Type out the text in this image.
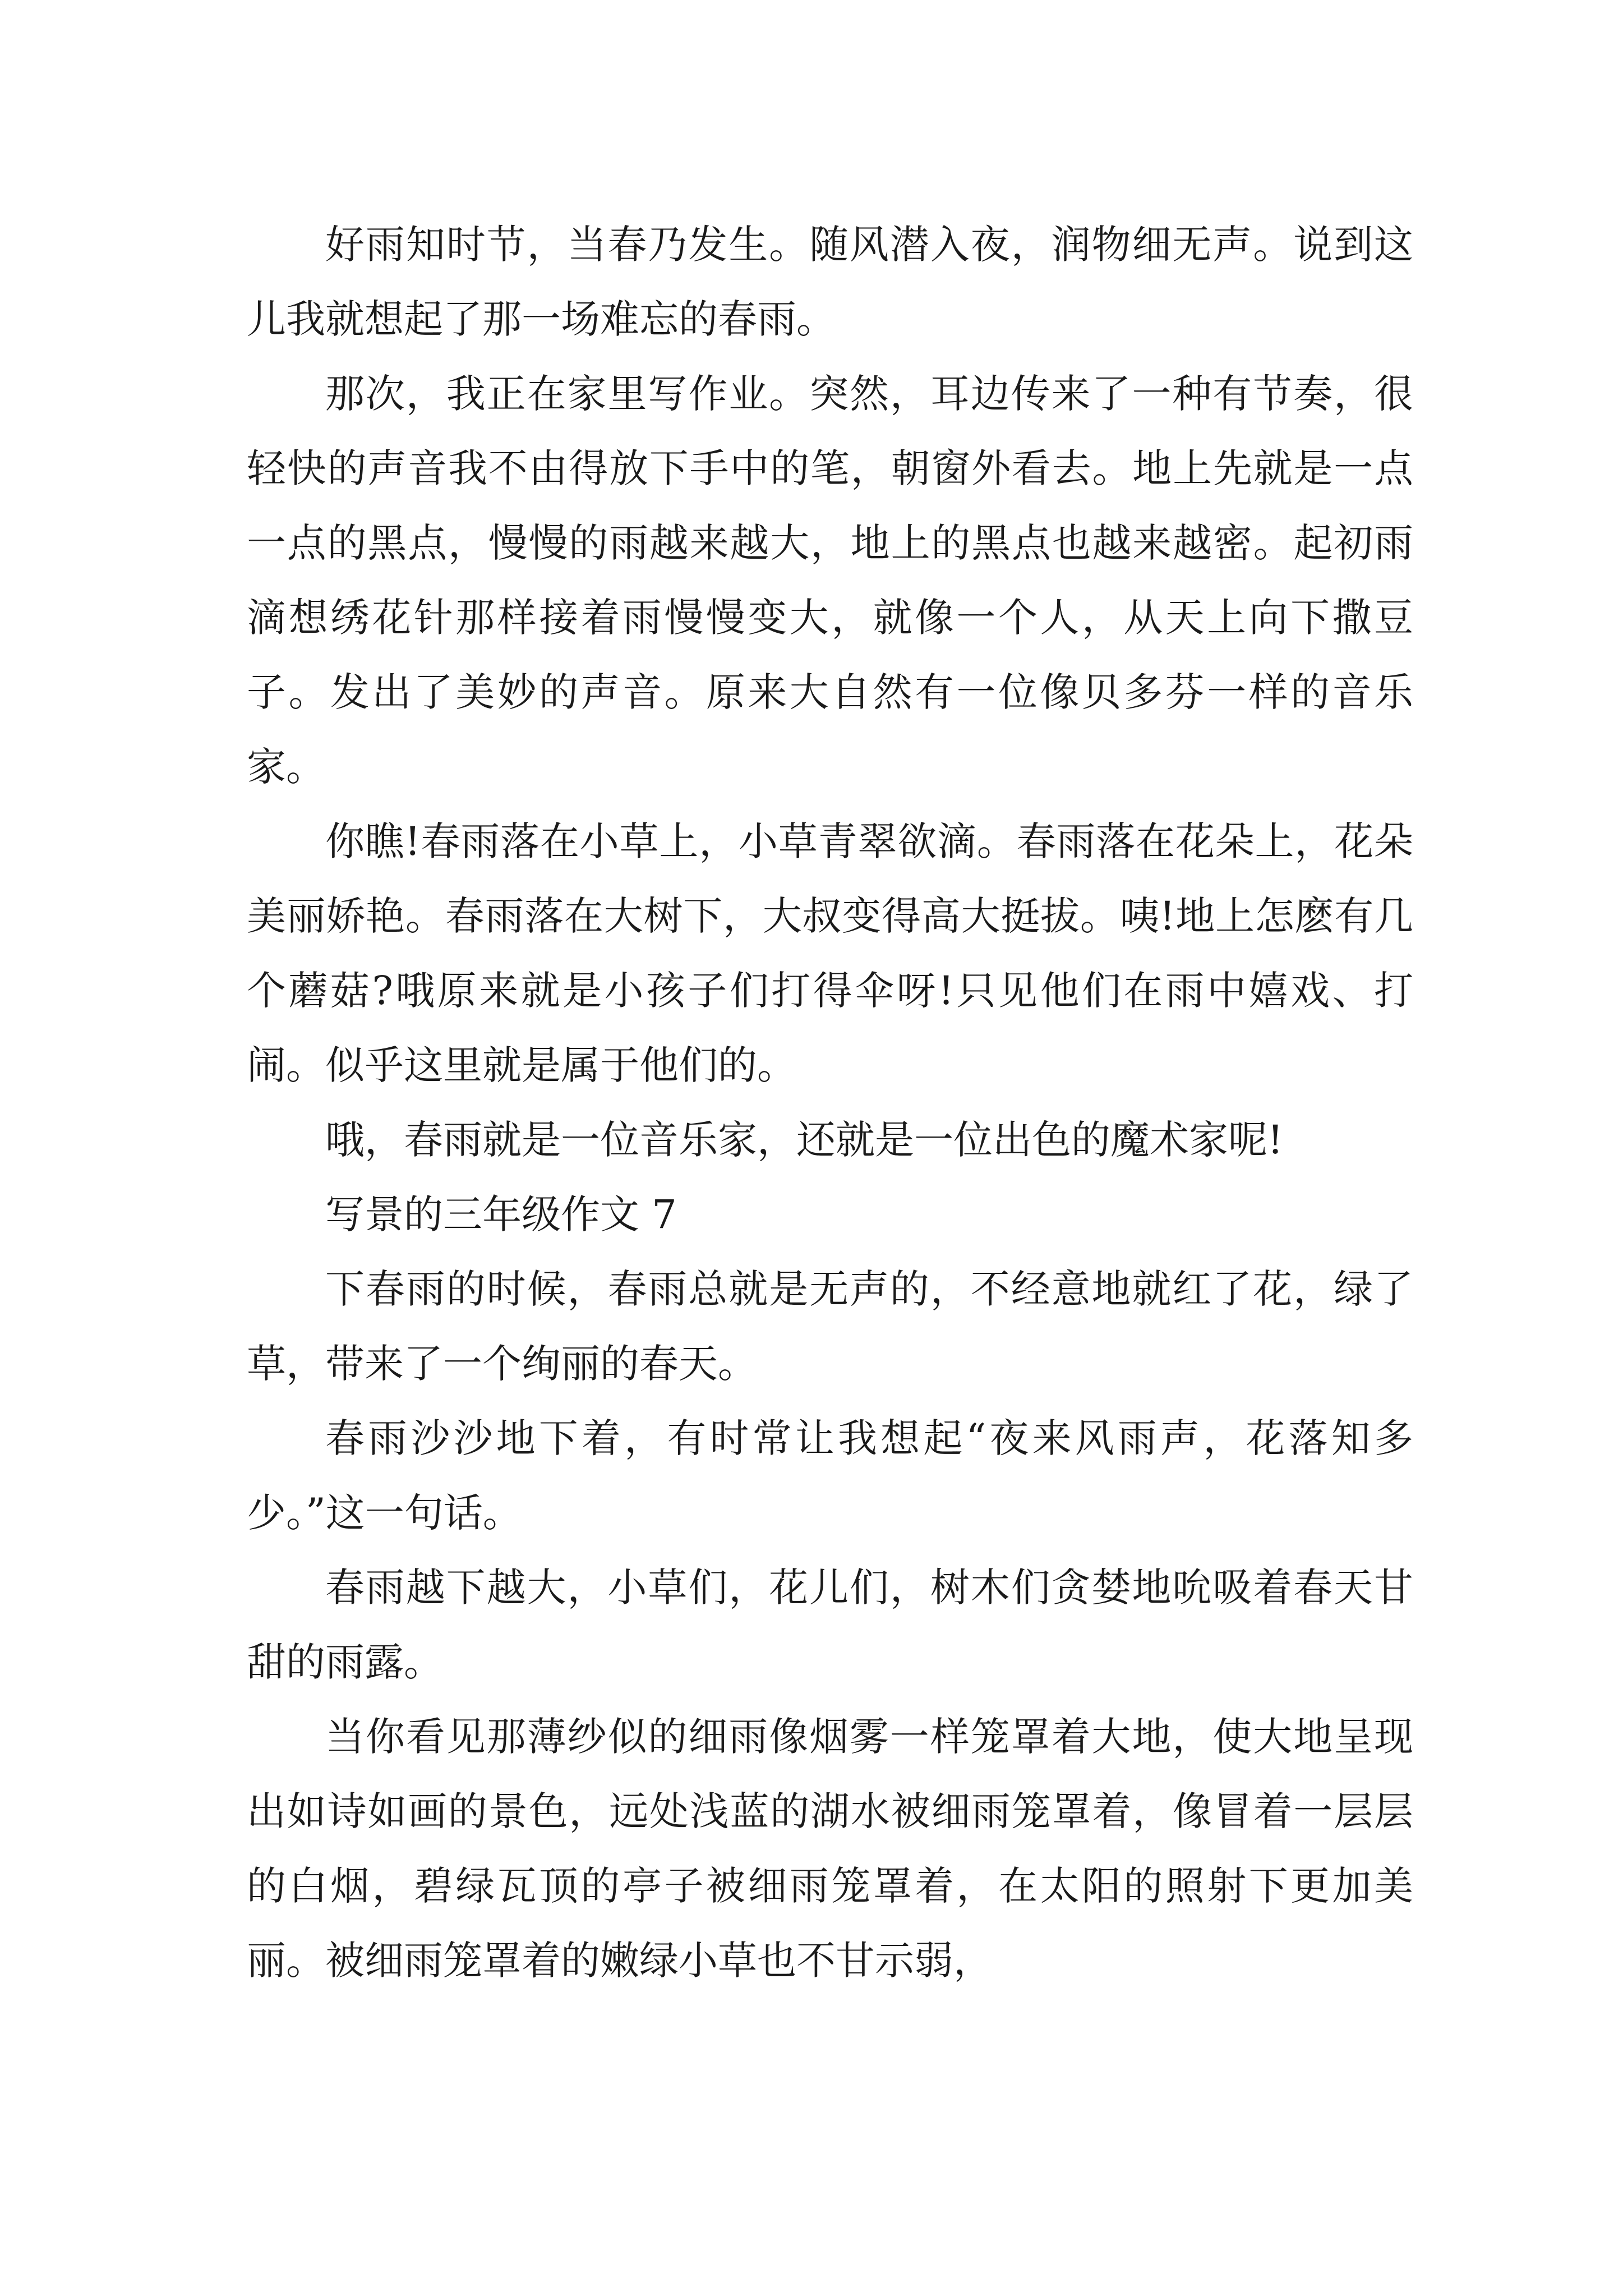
好雨知时节，当春乃发生。随风潜入夜，润物细无声。说到这儿我就想起了那一场难忘的春雨。

那次，我正在家里写作业。突然，耳边传来了一种有节奏，很轻快的声音我不由得放下手中的笔，朝窗外看去。地上先就是一点一点的黑点，慢慢的雨越来越大，地上的黑点也越来越密。起初雨滴想绣花针那样接着雨慢慢变大，就像一个人，从天上向下撒豆子。发出了美妙的声音。原来大自然有一位像贝多芬一样的音乐家。

你瞧!春雨落在小草上，小草青翠欲滴。春雨落在花朵上，花朵美丽娇艳。春雨落在大树下，大叔变得高大挺拔。咦!地上怎麽有几个蘑菇?哦原来就是小孩子们打得伞呀!只见他们在雨中嬉戏、打闹。似乎这里就是属于他们的。

哦，春雨就是一位音乐家，还就是一位出色的魔术家呢!

写景的三年级作文 7

下春雨的时候，春雨总就是无声的，不经意地就红了花，绿了草，带来了一个绚丽的春天。

春雨沙沙地下着，有时常让我想起“夜来风雨声，花落知多少。”这一句话。

春雨越下越大，小草们，花儿们，树木们贪婪地吮吸着春天甘甜的雨露。

当你看见那薄纱似的细雨像烟雾一样笼罩着大地，使大地呈现出如诗如画的景色，远处浅蓝的湖水被细雨笼罩着，像冒着一层层的白烟，碧绿瓦顶的亭子被细雨笼罩着，在太阳的照射下更加美丽。被细雨笼罩着的嫩绿小草也不甘示弱，
